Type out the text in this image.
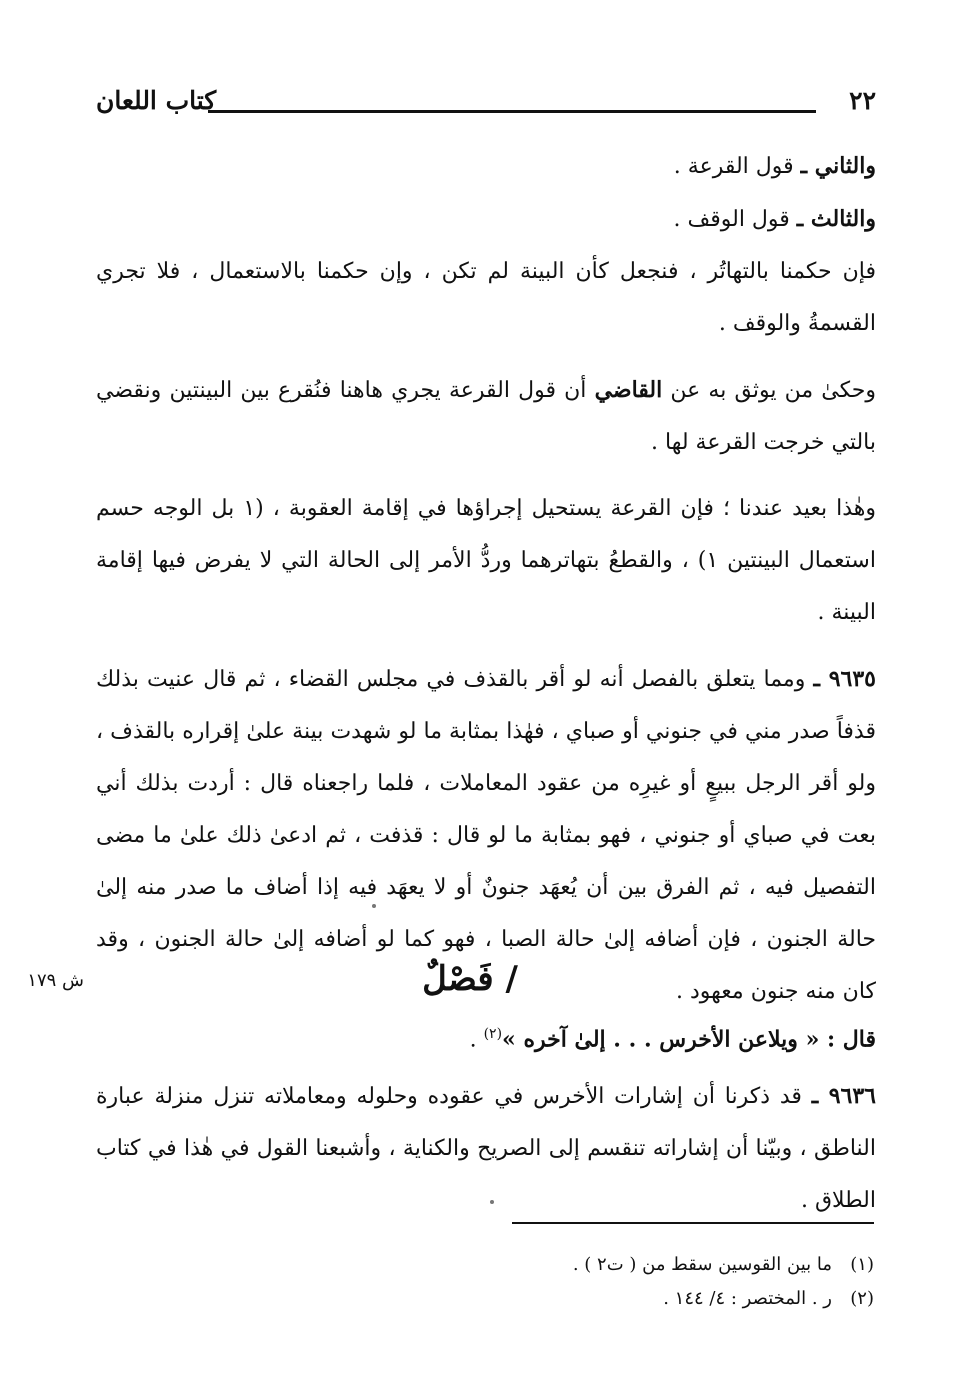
٢٢
كتاب اللعان

والثاني ـ قول القرعة .

والثالث ـ قول الوقف .

فإن حكمنا بالتهاتُر ، فنجعل كأن البينة لم تكن ، وإن حكمنا بالاستعمال ، فلا تجري القسمةُ والوقف .

وحكىٰ من يوثق به عن القاضي أن قول القرعة يجري هاهنا فنُقرع بين البينتين ونقضي بالتي خرجت القرعة لها .

وهٰذا بعيد عندنا ؛ فإن القرعة يستحيل إجراؤها في إقامة العقوبة ، (١ بل الوجه حسم استعمال البينتين ١) ، والقطعُ بتهاترهما وردُّ الأمر إلى الحالة التي لا يفرض فيها إقامة البينة .

٩٦٣٥ ـ ومما يتعلق بالفصل أنه لو أقر بالقذف في مجلس القضاء ، ثم قال عنيت بذلك قذفاً صدر مني في جنوني أو صباي ، فهٰذا بمثابة ما لو شهدت بينة علىٰ إقراره بالقذف ، ولو أقر الرجل ببيعٍ أو غيرِه من عقود المعاملات ، فلما راجعناه قال : أردت بذلك أني بعت في صباي أو جنوني ، فهو بمثابة ما لو قال : قذفت ، ثم ادعىٰ ذلك علىٰ ما مضى التفصيل فيه ، ثم الفرق بين أن يُعهَد جنونٌ أو لا يعهَد فيه إذا أضاف ما صدر منه إلىٰ حالة الجنون ، فإن أضافه إلىٰ حالة الصبا ، فهو كما لو أضافه إلىٰ حالة الجنون ، وقد كان منه جنون معهود .

/ فَصْلٌ
ش ١٧٩

قال : « ويلاعن الأخرس . . . إلىٰ آخره »$^{(٢)}$ .

٩٦٣٦ ـ قد ذكرنا أن إشارات الأخرس في عقوده وحلوله ومعاملاته تنزل منزلة عبارة الناطق ، وبيّنا أن إشاراته تنقسم إلى الصريح والكناية ، وأشبعنا القول في هٰذا في كتاب الطلاق .

(١)ما بين القوسين سقط من ( ت٢ ) .
(٢)ر . المختصر : ٤/ ١٤٤ .
